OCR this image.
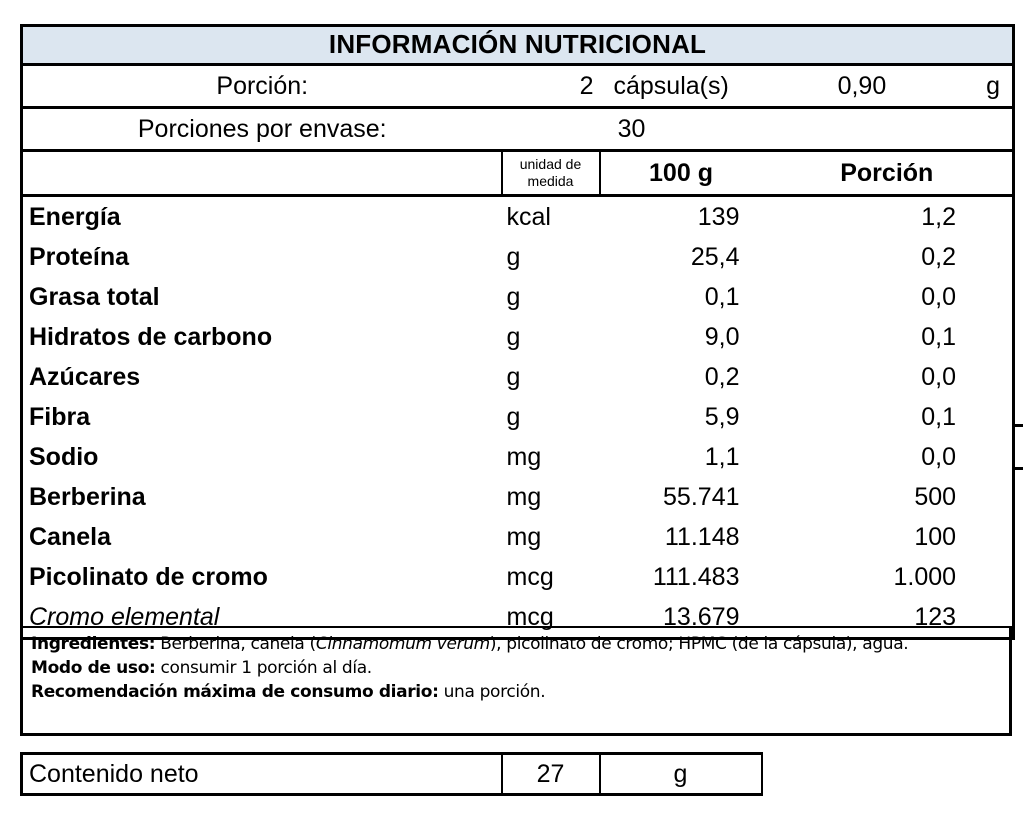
INFORMACIÓN NUTRICIONAL			
Porción:	2	cápsula(s)	0,90 g
Porciones por envase:	30		
	unidad de medida	100 g	Porción
Energía	kcal	139	1,2
Proteína	g	25,4	0,2
Grasa total	g	0,1	0,0
Hidratos de carbono	g	9,0	0,1
Azúcares	g	0,2	0,0
Fibra	g	5,9	0,1
Sodio	mg	1,1	0,0
Berberina	mg	55.741	500
Canela	mg	11.148	100
Picolinato de cromo	mcg	111.483	1.000
Cromo elemental	mcg	13.679	123
Ingredientes: Berberina, canela (Cinnamomum verum), picolinato de cromo; HPMC (de la cápsula), agua.
Modo de uso: consumir 1 porción al día.
Recomendación máxima de consumo diario: una porción.
Contenido neto	27	g
